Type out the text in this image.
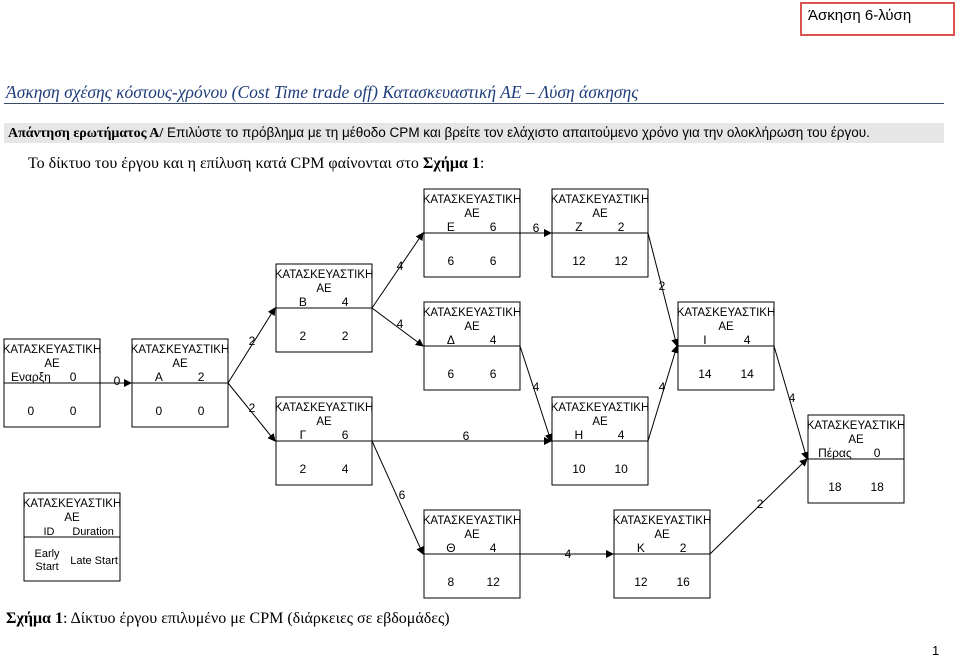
Άσκηση 6-λύση
Άσκηση σχέσης κόστους-χρόνου (Cost Time trade off) Κατασκευαστική ΑΕ – Λύση άσκησης
Απάντηση ερωτήματος Α/ Επιλύστε το πρόβλημα με τη μέθοδο CPM και βρείτε τον ελάχιστο απαιτούμενο χρόνο για την ολοκλήρωση του έργου.
Το δίκτυο του έργου και η επίλυση κατά CPM φαίνονται στο Σχήμα 1:
0
2
2
4
4
6
6
6
4
2
4
4
4
2
ΚΑΤΑΣΚΕΥΑΣΤΙΚΗ
ΑΕ
Εναρξη 0
0	0
ΚΑΤΑΣΚΕΥΑΣΤΙΚΗ
ΑΕ
Α	2
0	0
ΚΑΤΑΣΚΕΥΑΣΤΙΚΗ
ΑΕ
Β	4
2	2
ΚΑΤΑΣΚΕΥΑΣΤΙΚΗ
ΑΕ
Γ	6
2	4
ΚΑΤΑΣΚΕΥΑΣΤΙΚΗ
ΑΕ
Ε	6
6	6
ΚΑΤΑΣΚΕΥΑΣΤΙΚΗ
ΑΕ
Δ	4
6	6
ΚΑΤΑΣΚΕΥΑΣΤΙΚΗ
ΑΕ
Ζ	2
12 12
ΚΑΤΑΣΚΕΥΑΣΤΙΚΗ
ΑΕ
Η	4
10 10
ΚΑΤΑΣΚΕΥΑΣΤΙΚΗ
ΑΕ
Ι	4
14 14
ΚΑΤΑΣΚΕΥΑΣΤΙΚΗ
ΑΕ
Θ	4
8	12
ΚΑΤΑΣΚΕΥΑΣΤΙΚΗ
ΑΕ
Κ	2
12 16
ΚΑΤΑΣΚΕΥΑΣΤΙΚΗ
ΑΕ
Πέρας 0
18 18
ΚΑΤΑΣΚΕΥΑΣΤΙΚΗ
ΑΕ
ID Duration
Early
Start Late Start
Σχήμα 1: Δίκτυο έργου επιλυμένο με CPM (διάρκειες σε εβδομάδες)
1
